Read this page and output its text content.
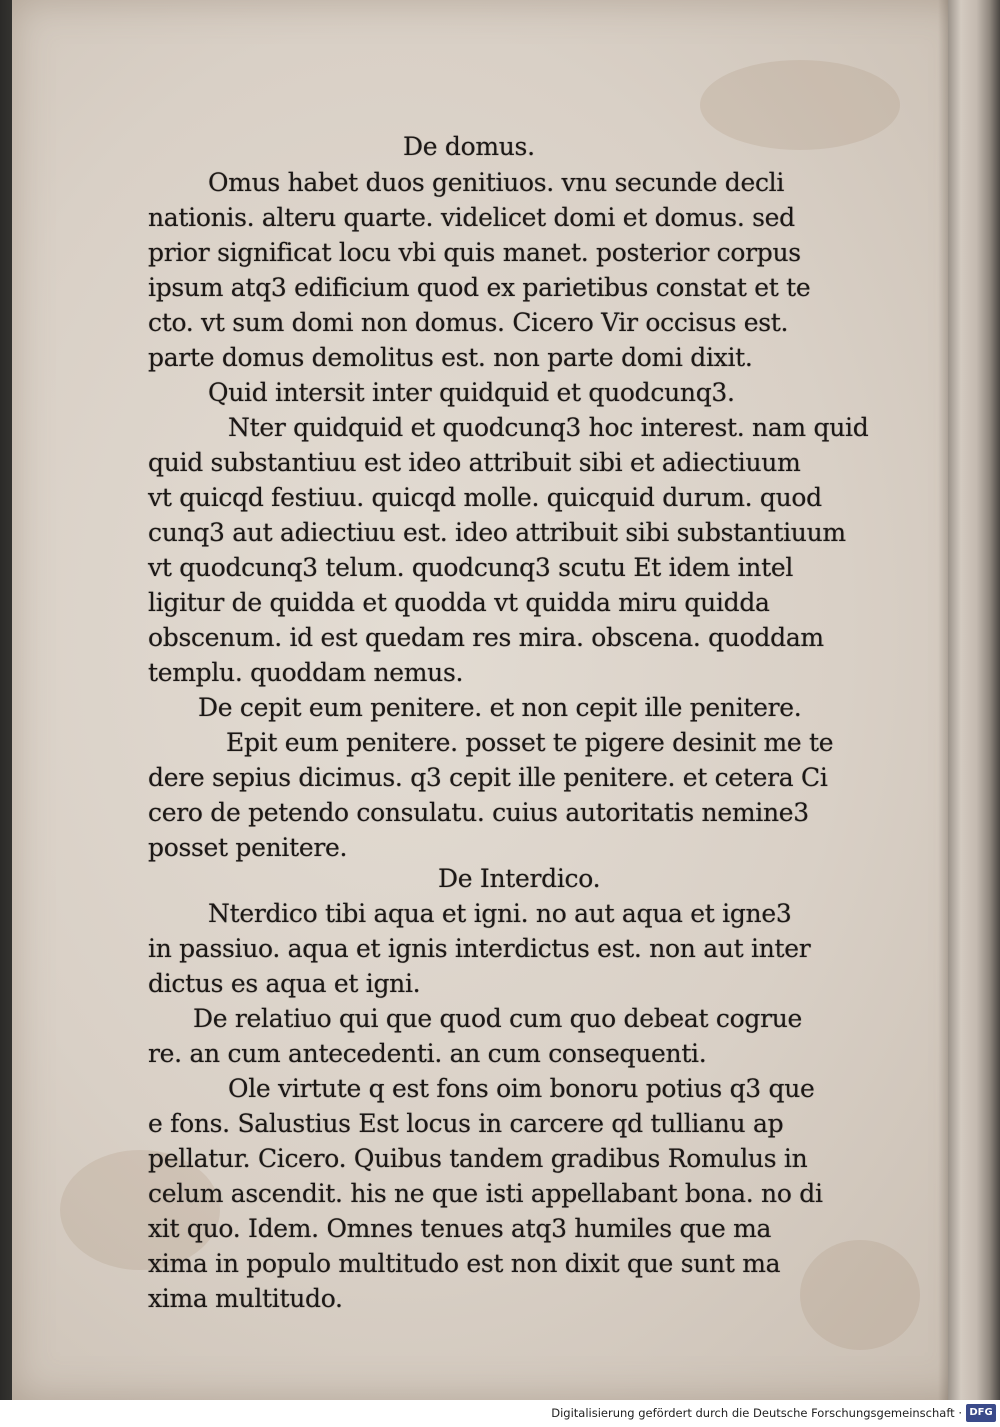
De domus.
Omus habet duos genitiuos. vnu secunde decli
nationis. alteru quarte. videlicet domi et domus. sed
prior significat locu vbi quis manet. posterior corpus
ipsum atq3 edificium quod ex parietibus constat et te
cto. vt sum domi non domus. Cicero Vir occisus est.
parte domus demolitus est. non parte domi dixit.
Quid intersit inter quidquid et quodcunq3.
Nter quidquid et quodcunq3 hoc interest. nam quid
quid substantiuu est ideo attribuit sibi et adiectiuum
vt quicqd festiuu. quicqd molle. quicquid durum. quod
cunq3 aut adiectiuu est. ideo attribuit sibi substantiuum
vt quodcunq3 telum. quodcunq3 scutu Et idem intel
ligitur de quidda et quodda vt quidda miru quidda
obscenum. id est quedam res mira. obscena. quoddam
templu. quoddam nemus.
De cepit eum penitere. et non cepit ille penitere.
Epit eum penitere. posset te pigere desinit me te
dere sepius dicimus. q3 cepit ille penitere. et cetera Ci
cero de petendo consulatu. cuius autoritatis nemine3
posset penitere.
De Interdico.
Nterdico tibi aqua et igni. no aut aqua et igne3
in passiuo. aqua et ignis interdictus est. non aut inter
dictus es aqua et igni.
De relatiuo qui que quod cum quo debeat cogrue
re. an cum antecedenti. an cum consequenti.
Ole virtute q est fons oim bonoru potius q3 que
e fons. Salustius Est locus in carcere qd tullianu ap
pellatur. Cicero. Quibus tandem gradibus Romulus in
celum ascendit. his ne que isti appellabant bona. no di
xit quo. Idem. Omnes tenues atq3 humiles que ma
xima in populo multitudo est non dixit que sunt ma
xima multitudo.
Digitalisierung gefördert durch die Deutsche Forschungsgemeinschaft · DFG
